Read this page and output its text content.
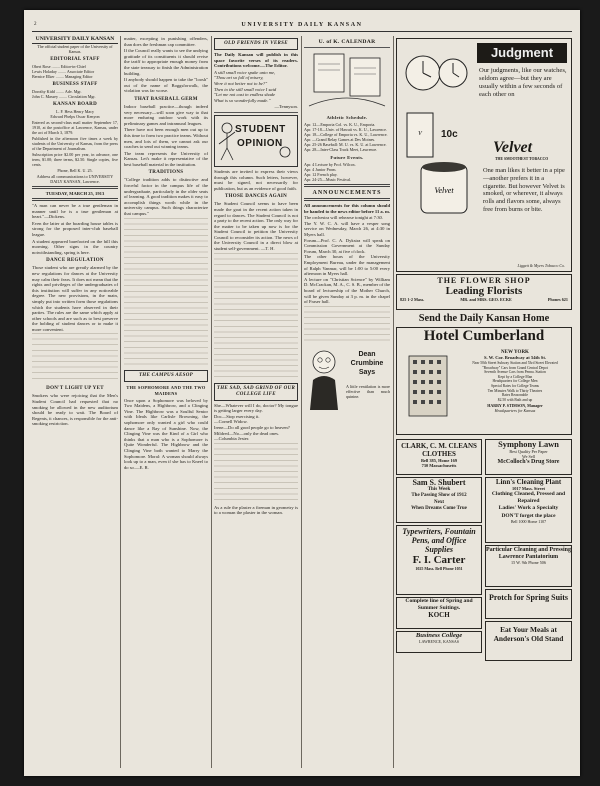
2	UNIVERSITY DAILY KANSAN
UNIVERSITY DAILY KANSAN

The official student paper of the University of Kansas.

EDITORIAL STAFF

Obert Rose ........ Editor-in-Chief
Lewis Holaday ........ Associate Editor
Bernice Elker ........ Managing Editor

BUSINESS STAFF

Dorothy Kidd ........ Adv. Mgr.
John C. Massey ........ Circulation Mgr.

KANSAN BOARD

L. F. Hess Henry Macy
Edward Phelps Oscar Kenyon

Entered as second-class mail matter September 17, 1910, at the postoffice at Lawrence, Kansas, under the act of March 3, 1879.

Published in the afternoon five times a week by students of the University of Kansas, from the press of the Department of Journalism.

Subscription price $2.00 per year, in advance, one term, $1.00; three terms, $2.50. Single copies, five cents.

Phone, Bell K. U. 25.

Address all communications to UNIVERSITY DAILY KANSAN, Lawrence.

TUESDAY, MARCH 25, 1913

"A man can never be a true gentleman in manner until he is a true gentleman at heart."—Dickens.

Even the latter at the boarding house tables is strong for the proposed inter-club baseball league.

A student appeared barefooted on the hill this morning. Other signs in the country notwithstanding, spring is here.

DANCE REGULATION

Those student who are greatly alarmed by the new regulations for dances at the University may calm their fears. It does not mean that the rights and privileges of the undergraduates of this institution will suffer in any noticeable degree. The new provisions, in the main, simply put into written form those regulations which the students have observed in their parties. The rules are the same which apply at other schools and are such as to best preserve the holding of student dances or to make it more convenient.

DON'T LIGHT UP YET

Smokers who were rejoicing that the Men's Student Council had requested that no smoking be allowed in the new auditorium should be ready to wait. The Board of Regents, it chances, is responsible for the anti-smoking restriction.

matter, excepting in punishing offenders, than does the freshman cap committee.

If the Council really wants to see the undying gratitude of its constituents it should revise the tariff to appropriate enough money from the state treasury to finish the Administration building.

If anybody should happen to take the "loosh" out of the name of Boggsforwalk, the violation was far worse.

THAT BASEBALL GERM

Indoor baseball practice—though indeed very necessary—will soon give way to that more enduring outdoor work with its preliminary games and intramural leagues.

There have not been enough men out up to this time to form two practice teams. Without men, and lots of them, we cannot ask our coaches to send out winning teams.

The team represents the University of Kansas. Let's make it representative of the best baseball material in the institution.

TRADITIONS

"College tradition adds to distinctive and forceful factor in the campus life of the undergraduate, particularly in the older seats of learning. A good tradition makes it easy to accomplish things worth while in the university campus. Such things characterize that campus."

THE CAMPUS AESOP
THE SOPHOMORE AND THE TWO MAIDENS

Once upon a Sophomore was beloved by Two Maidens, a Highbrow, and a Clinging Vine. The Highbrow was a Soulful Senior with Ideals like Carlisle Browning, the sophomore only wanted a girl who could dance like a Ray of Sunshine. Now, the Clinging Vine was the Kind of a Girl who thinks that a man who is a Sophomore is Quite Wonderful. The Highbrow and the Clinging Vine both wanted to Marry the Sophomore. Moral: A woman should always look up to a man, even if she has to Kneel to do so.—E. R.

OLD FRIENDS IN VERSE

The Daily Kansan will publish in this space favorite verses of its readers. Contributions welcome.—The Editor.

A still small voice spake unto me,
"Thou art so full of misery,
Were it not better not to be?"
Then to the still small voice I said
"Let me not cast in endless shade
What is so wonderfully made."

—Tennyson.

STUDENT
OPINION

Students are invited to express their views through this column. Such letters, however, must be signed, not necessarily for publication, but as an evidence of good faith.

THOSE DANCES AGAIN

The Student Council seems to have been made the goat in the recent action taken in regard to dances. The Student Council is not a party to the recent action. The only way for the matter to be taken up now is for the Student Council to petition the University Council to reconsider its action. The news of the University Council in a direct blow at student self-government. —T. H.

THE SAD, SAD GRIND OF OUR COLLEGE LIFE

She—Whatever will I do, doctor? My tongue is getting larger every day.
Doc—Stop exercising it.
—Cornell Widow.
Irene—Do all good people go to heaven?
Mildred—No—only the dead ones.
—Columbia Jester.

As a rule the plaster a fireman in geometry is to a woman the plaster in the woman.

U. of K. CALENDAR
Athletic Schedule.

Apr. 12—Emporia Col. vs. K. U., Emporia.
Apr. 17-18—Univ. of Hawaii vs. K. U., Lawrence.
Apr. 18—College of Emporia vs. K. U., Lawrence.
Apr. —Grand Relay Games at Des Moines.
Apr. 25-26 Baseball: M. U. vs. K. U. at Lawrence.
Apr. 28—Inter-Class Track Meet, Lawrence.

Future Events.

Apr. 4 Lecture by Prof. Wilcox.
Apr. 4 Junior Prom.
Apr. 12 French play.
Apr. 24-25—Music Festival.

ANNOUNCEMENTS

All announcements for this column should be handed to the news editor before 11 a. m.

The orchestra will rehearse tonight at 7:30.
The Y. W. C. A. will have a vesper song service on Wednesday, March 26, at 4:30 in Myers hall.
Forum—Prof. C. A. Dykstra will speak on Commission Government at the Sunday Forum, March 30, at five o'clock.
The other hours of the University Employment Bureau, under the management of Ralph Vanmar, will be 1:00 to 5:00 every afternoon in Myers hall.
A lecture on "Christian Science" by William D. McCrackan, M. A., C. S. B., member of the board of lectureship of the Mother Church, will be given Sunday at 3 p. m. in the chapel of Fraser hall.

Dean
Crumbine
Says

A little ventilation is more effective than much quinine.

Judgment

Our judgments, like our watches, seldom agree—but they are usually within a few seconds of each other on

Velvet
THE SMOOTHEST TOBACCO
V
Velvet
10c

One man likes it better in a pipe—another prefers it in a cigarette. But however Velvet is smoked, or wherever, it always rolls and flavors some, always free from burns or bite.

Liggett & Myers Tobacco Co.
THE FLOWER SHOP
Leading Florists
825 1-2 Mass.	MR. and MRS. GEO. ECKE	Phones 621
Send the Daily Kansan Home
Hotel Cumberland
NEW YORK
S. W. Cor. Broadway at 54th St.
Near 50th Street Subway Station and 53rd Street Elevated
"Broadway" Cars from Grand Central Depot
Seventh Avenue Cars from Penna. Station
Kept by a College Man
Headquarters for College Men
Special Rates for College Teams
Ten Minutes Walk to Thirty Theatres
Rates Reasonable
$2.50 with Bath and up
HARRY P. STIMSON, Manager
Headquarters for Kansas
CLARK, C. M. CLEANS CLOTHES
Bell 385, Home 169
730 Massachusetts
Sam S. Shubert
This Week
The Passing Show of 1912
Next
When Dreams Come True
Typewriters, Fountain Pens, and Office Supplies
F. I. Carter
1025 Mass. Bell Phone 1051
Complete line of Spring and Summer Suitings.
KOCH
Business College
LAWRENCE, KANSAS
Symphony Lawn
Best Quality Per Paper
We Sell
McColloch's Drug Store
Linn's Cleaning Plant
1017 Mass. Street
Clothing Cleaned, Pressed and Repaired
Ladies' Work a Specialty
DON'T forget the place
Bell 1000 Home 1107
Particular Cleaning and Pressing
Lawrence Pantatorium
15 W. 9th Phone 506
Protch for Spring Suits
Eat Your Meals at Anderson's Old Stand
